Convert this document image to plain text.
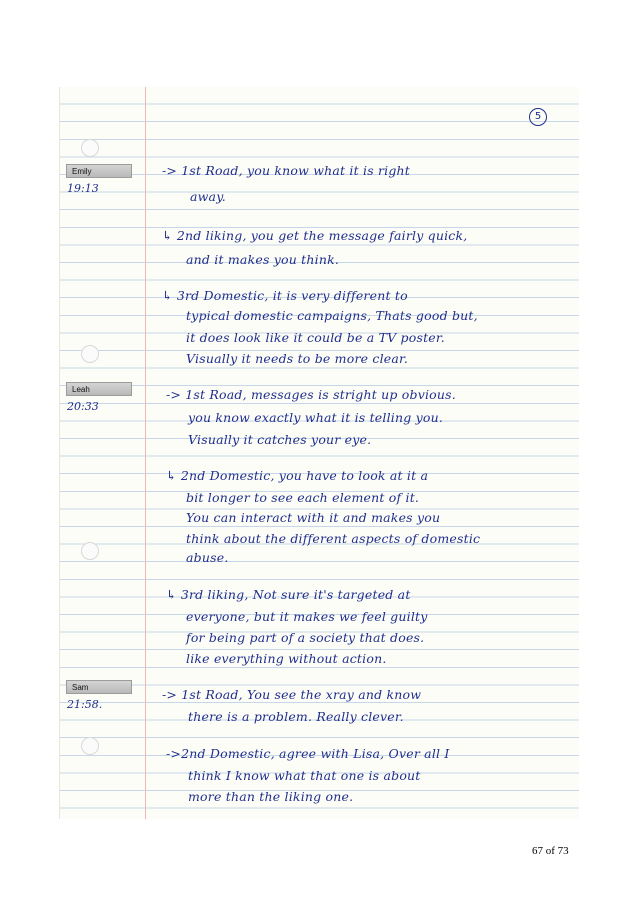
5
Emily
19:13
Leah
20:33
Sam
21:58.
-> 1st Road, you know what it is right
away.
↳ 2nd liking, you get the message fairly quick,
and it makes you think.
↳ 3rd Domestic, it is very different to
typical domestic campaigns, Thats good but,
it does look like it could be a TV poster.
Visually it needs to be more clear.
-> 1st Road, messages is stright up obvious.
you know exactly what it is telling you.
Visually it catches your eye.
↳ 2nd Domestic, you have to look at it a
bit longer to see each element of it.
You can interact with it and makes you
think about the different aspects of domestic
abuse.
↳ 3rd liking, Not sure it's targeted at
everyone, but it makes we feel guilty
for being part of a society that does.
like everything without action.
-> 1st Road, You see the xray and know
there is a problem. Really clever.
->2nd Domestic, agree with Lisa, Over all I
think I know what that one is about
more than the liking one.
67 of 73
